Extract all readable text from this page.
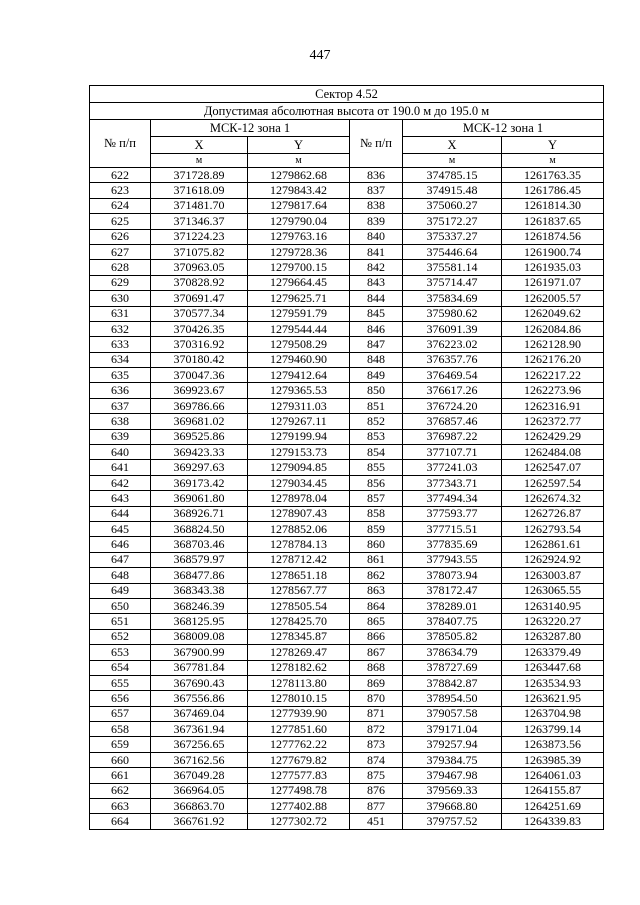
447
Сектор 4.52					
Допустимая абсолютная высота от 190.0 м до 195.0 м					
№ п/п	МСК-12 зона 1		№ п/п	МСК-12 зона 1	
	X	Y		X	Y
	м	м		м	м
622	371728.89	1279862.68	836	374785.15	1261763.35
623	371618.09	1279843.42	837	374915.48	1261786.45
624	371481.70	1279817.64	838	375060.27	1261814.30
625	371346.37	1279790.04	839	375172.27	1261837.65
626	371224.23	1279763.16	840	375337.27	1261874.56
627	371075.82	1279728.36	841	375446.64	1261900.74
628	370963.05	1279700.15	842	375581.14	1261935.03
629	370828.92	1279664.45	843	375714.47	1261971.07
630	370691.47	1279625.71	844	375834.69	1262005.57
631	370577.34	1279591.79	845	375980.62	1262049.62
632	370426.35	1279544.44	846	376091.39	1262084.86
633	370316.92	1279508.29	847	376223.02	1262128.90
634	370180.42	1279460.90	848	376357.76	1262176.20
635	370047.36	1279412.64	849	376469.54	1262217.22
636	369923.67	1279365.53	850	376617.26	1262273.96
637	369786.66	1279311.03	851	376724.20	1262316.91
638	369681.02	1279267.11	852	376857.46	1262372.77
639	369525.86	1279199.94	853	376987.22	1262429.29
640	369423.33	1279153.73	854	377107.71	1262484.08
641	369297.63	1279094.85	855	377241.03	1262547.07
642	369173.42	1279034.45	856	377343.71	1262597.54
643	369061.80	1278978.04	857	377494.34	1262674.32
644	368926.71	1278907.43	858	377593.77	1262726.87
645	368824.50	1278852.06	859	377715.51	1262793.54
646	368703.46	1278784.13	860	377835.69	1262861.61
647	368579.97	1278712.42	861	377943.55	1262924.92
648	368477.86	1278651.18	862	378073.94	1263003.87
649	368343.38	1278567.77	863	378172.47	1263065.55
650	368246.39	1278505.54	864	378289.01	1263140.95
651	368125.95	1278425.70	865	378407.75	1263220.27
652	368009.08	1278345.87	866	378505.82	1263287.80
653	367900.99	1278269.47	867	378634.79	1263379.49
654	367781.84	1278182.62	868	378727.69	1263447.68
655	367690.43	1278113.80	869	378842.87	1263534.93
656	367556.86	1278010.15	870	378954.50	1263621.95
657	367469.04	1277939.90	871	379057.58	1263704.98
658	367361.94	1277851.60	872	379171.04	1263799.14
659	367256.65	1277762.22	873	379257.94	1263873.56
660	367162.56	1277679.82	874	379384.75	1263985.39
661	367049.28	1277577.83	875	379467.98	1264061.03
662	366964.05	1277498.78	876	379569.33	1264155.87
663	366863.70	1277402.88	877	379668.80	1264251.69
664	366761.92	1277302.72	451	379757.52	1264339.83
